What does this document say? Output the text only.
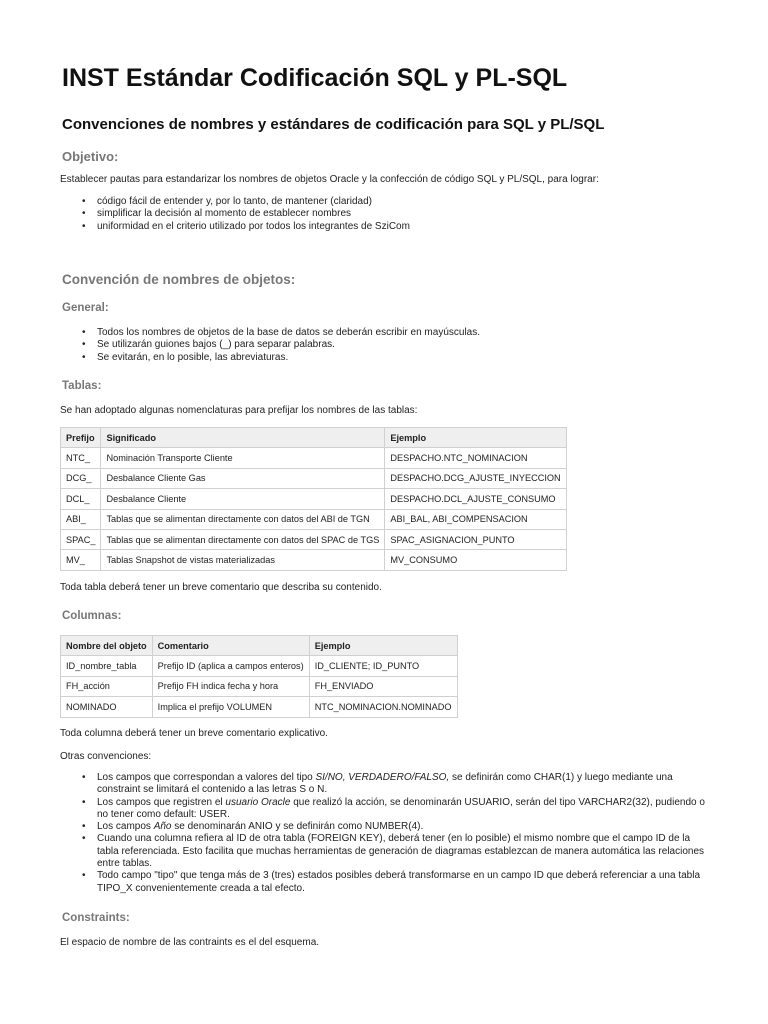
INST Estándar Codificación SQL y PL-SQL
Convenciones de nombres y estándares de codificación para SQL y PL/SQL
Objetivo:
Establecer pautas para estandarizar los nombres de objetos Oracle y la confección de código SQL y PL/SQL, para lograr:
• código fácil de entender y, por lo tanto, de mantener (claridad)
• simplificar la decisión al momento de establecer nombres
• uniformidad en el criterio utilizado por todos los integrantes de SziCom
Convención de nombres de objetos:
General:
• Todos los nombres de objetos de la base de datos se deberán escribir en mayúsculas.
• Se utilizarán guiones bajos (_) para separar palabras.
• Se evitarán, en lo posible, las abreviaturas.
Tablas:
Se han adoptado algunas nomenclaturas para prefijar los nombres de las tablas:
Prefijo	Significado	Ejemplo
NTC_	Nominación Transporte Cliente	DESPACHO.NTC_NOMINACION
DCG_	Desbalance Cliente Gas	DESPACHO.DCG_AJUSTE_INYECCION
DCL_	Desbalance Cliente	DESPACHO.DCL_AJUSTE_CONSUMO
ABI_	Tablas que se alimentan directamente con datos del ABI de TGN	ABI_BAL, ABI_COMPENSACION
SPAC_	Tablas que se alimentan directamente con datos del SPAC de TGS	SPAC_ASIGNACION_PUNTO
MV_	Tablas Snapshot de vistas materializadas	MV_CONSUMO
Toda tabla deberá tener un breve comentario que describa su contenido.
Columnas:
Nombre del objeto	Comentario	Ejemplo
ID_nombre_tabla	Prefijo ID (aplica a campos enteros)	ID_CLIENTE; ID_PUNTO
FH_acción	Prefijo FH indica fecha y hora	FH_ENVIADO
NOMINADO	Implica el prefijo VOLUMEN	NTC_NOMINACION.NOMINADO
Toda columna deberá tener un breve comentario explicativo.
Otras convenciones:
• Los campos que correspondan a valores del tipo SI/NO, VERDADERO/FALSO, se definirán como CHAR(1) y luego mediante una constraint se limitará el contenido a las letras S o N.
• Los campos que registren el usuario Oracle que realizó la acción, se denominarán USUARIO, serán del tipo VARCHAR2(32), pudiendo o no tener como default: USER.
• Los campos Año se denominarán ANIO y se definirán como NUMBER(4).
• Cuando una columna refiera al ID de otra tabla (FOREIGN KEY), deberá tener (en lo posible) el mismo nombre que el campo ID de la tabla referenciada. Esto facilita que muchas herramientas de generación de diagramas establezcan de manera automática las relaciones entre tablas.
• Todo campo "tipo" que tenga más de 3 (tres) estados posibles deberá transformarse en un campo ID que deberá referenciar a una tabla TIPO_X convenientemente creada a tal efecto.
Constraints:
El espacio de nombre de las contraints es el del esquema.
